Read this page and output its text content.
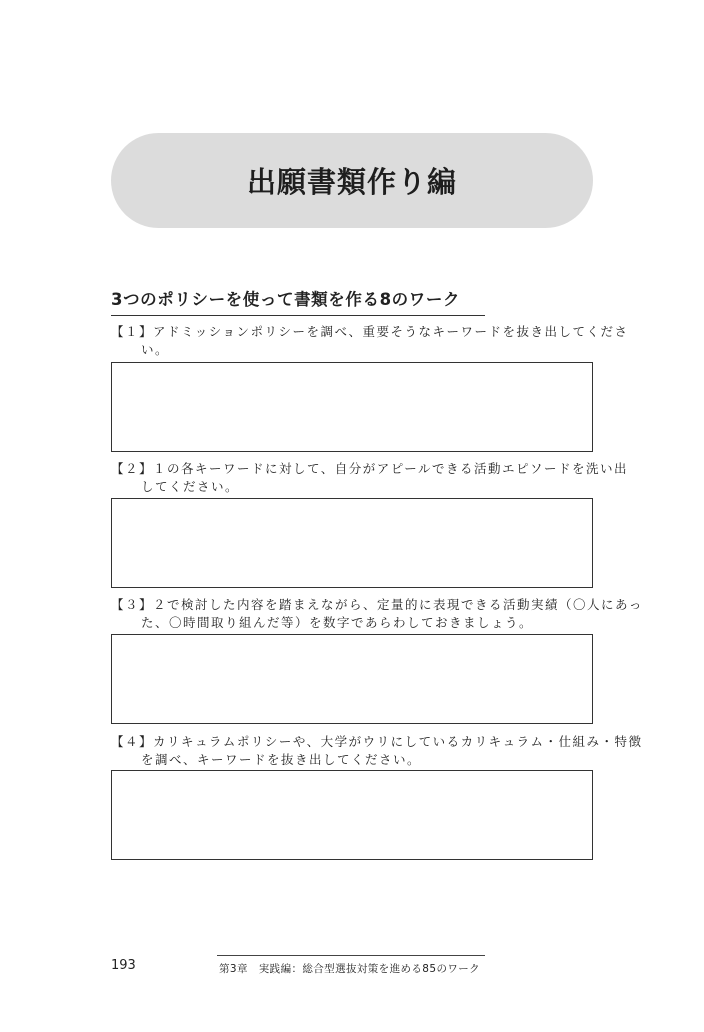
出願書類作り編
3つのポリシーを使って書類を作る8のワーク
【１】アドミッションポリシーを調べ、重要そうなキーワードを抜き出してくださ
い。
【２】１の各キーワードに対して、自分がアピールできる活動エピソードを洗い出
してください。
【３】２で検討した内容を踏まえながら、定量的に表現できる活動実績（〇人にあっ
た、〇時間取り組んだ等）を数字であらわしておきましょう。
【４】カリキュラムポリシーや、大学がウリにしているカリキュラム・仕組み・特徴
を調べ、キーワードを抜き出してください。
193	第3章　実践編：総合型選抜対策を進める85のワーク
